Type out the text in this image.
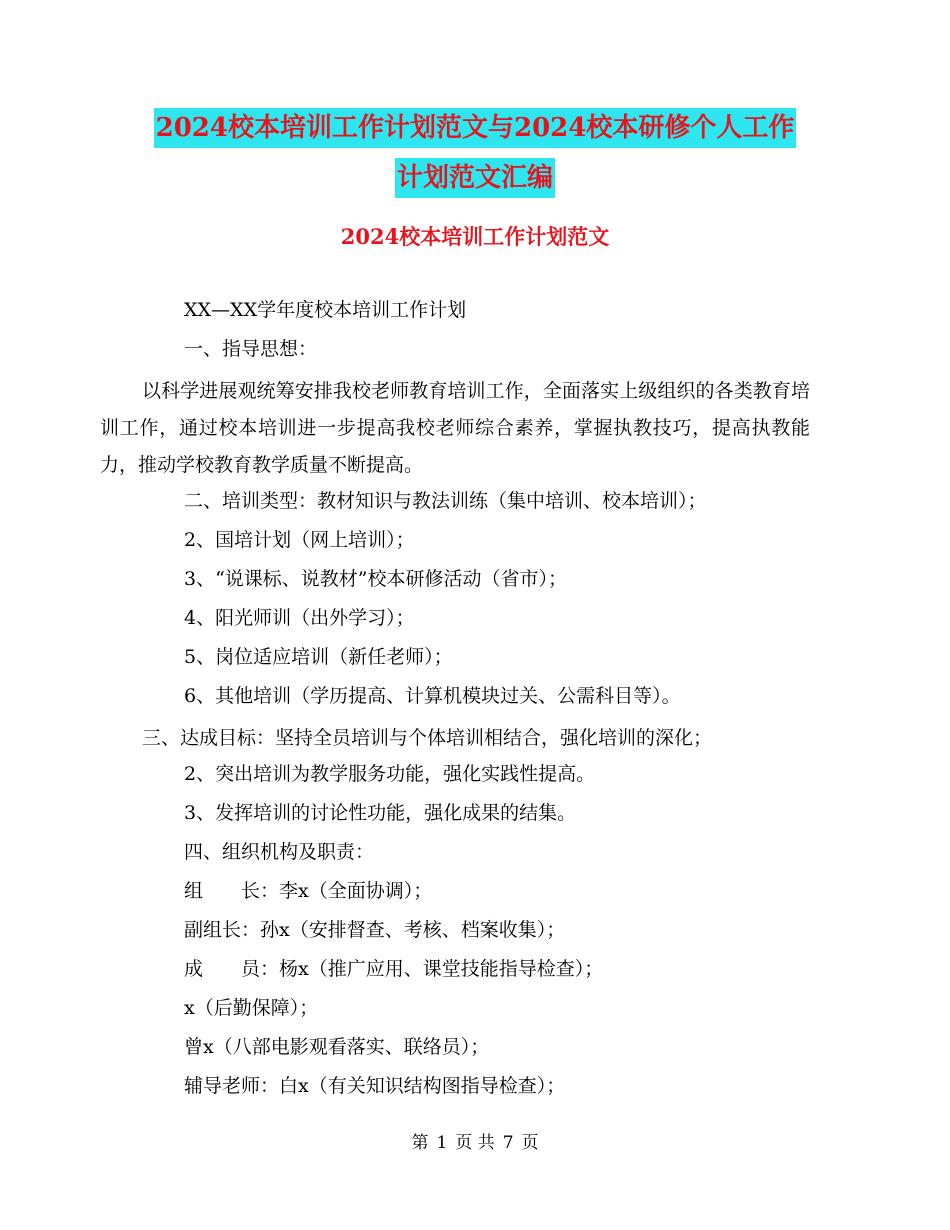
2024校本培训工作计划范文与2024校本研修个人工作
计划范文汇编
2024校本培训工作计划范文
XX—XX学年度校本培训工作计划
一、指导思想：
以科学进展观统筹安排我校老师教育培训工作，全面落实上级组织的各类教育培训工作，通过校本培训进一步提高我校老师综合素养，掌握执教技巧，提高执教能力，推动学校教育教学质量不断提高。
二、培训类型：教材知识与教法训练（集中培训、校本培训）；
2、国培计划（网上培训）；
3、“说课标、说教材”校本研修活动（省市）；
4、阳光师训（出外学习）；
5、岗位适应培训（新任老师）；
6、其他培训（学历提高、计算机模块过关、公需科目等）。
三、达成目标：坚持全员培训与个体培训相结合，强化培训的深化；
2、突出培训为教学服务功能，强化实践性提高。
3、发挥培训的讨论性功能，强化成果的结集。
四、组织机构及职责：
组　　长：李x（全面协调）；
副组长：孙x（安排督查、考核、档案收集）；
成　　员：杨x（推广应用、课堂技能指导检查）；
x（后勤保障）；
曾x（八部电影观看落实、联络员）；
辅导老师：白x（有关知识结构图指导检查）；
第 1 页 共 7 页
